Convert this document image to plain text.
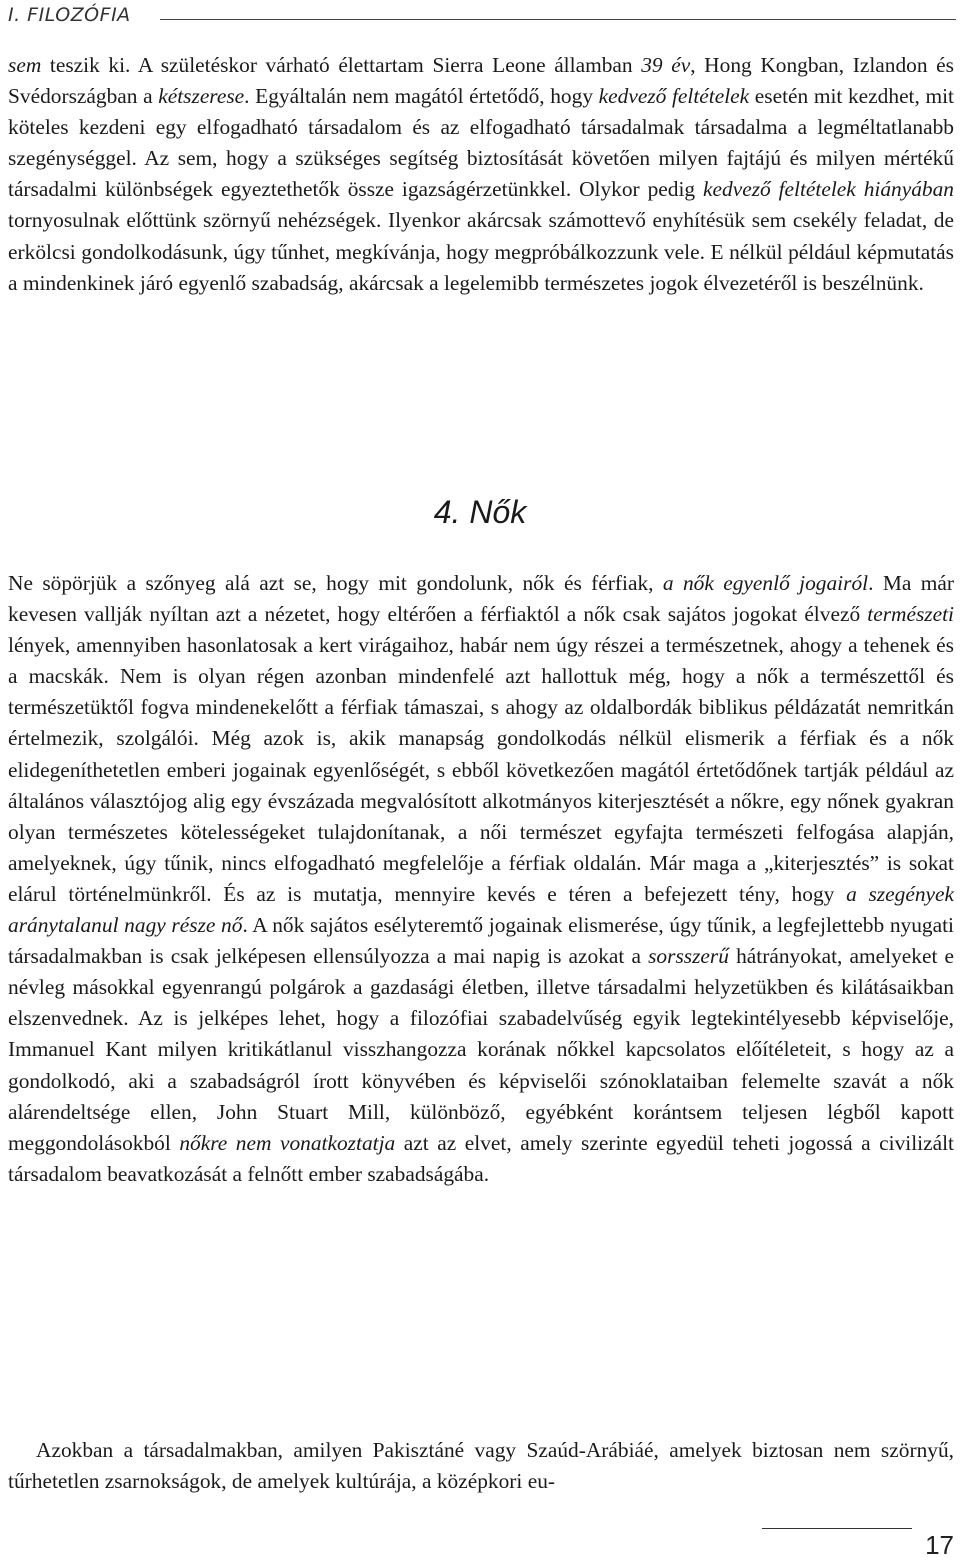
I. FILOZÓFIA

sem teszik ki. A születéskor várható élettartam Sierra Leone államban 39 év, Hong Kongban, Izlandon és Svédországban a kétszerese. Egyáltalán nem magától értetődő, hogy kedvező feltételek esetén mit kezdhet, mit köteles kezdeni egy elfogadható társadalom és az elfogadható társadalmak társadalma a legméltatlanabb szegénységgel. Az sem, hogy a szükséges segítség biztosítását követően milyen fajtájú és milyen mértékű társadalmi különbségek egyeztethetők össze igazságérzetünkkel. Olykor pedig kedvező feltételek hiányában tornyosulnak előttünk szörnyű nehézségek. Ilyenkor akárcsak számottevő enyhítésük sem csekély feladat, de erkölcsi gondolkodásunk, úgy tűnhet, megkívánja, hogy megpróbálkozzunk vele. E nélkül például képmutatás a mindenkinek járó egyenlő szabadság, akárcsak a legelemibb természetes jogok élvezetéről is beszélnünk.

4. Nők

Ne söpörjük a szőnyeg alá azt se, hogy mit gondolunk, nők és férfiak, a nők egyenlő jogairól. Ma már kevesen vallják nyíltan azt a nézetet, hogy eltérően a férfiaktól a nők csak sajátos jogokat élvező természeti lények, amennyiben hasonlatosak a kert virágaihoz, habár nem úgy részei a természetnek, ahogy a tehenek és a macskák. Nem is olyan régen azonban mindenfelé azt hallottuk még, hogy a nők a természettől és természetüktől fogva mindenekelőtt a férfiak támaszai, s ahogy az oldalbordák biblikus példázatát nemritkán értelmezik, szolgálói. Még azok is, akik manapság gondolkodás nélkül elismerik a férfiak és a nők elidegeníthetetlen emberi jogainak egyenlőségét, s ebből következően magától értetődőnek tartják például az általános választójog alig egy évszázada megvalósított alkotmányos kiterjesztését a nőkre, egy nőnek gyakran olyan természetes kötelességeket tulajdonítanak, a női természet egyfajta természeti felfogása alapján, amelyeknek, úgy tűnik, nincs elfogadható megfelelője a férfiak oldalán. Már maga a „kiterjesztés” is sokat elárul történelmünkről. És az is mutatja, mennyire kevés e téren a befejezett tény, hogy a szegények aránytalanul nagy része nő. A nők sajátos esélyteremtő jogainak elismerése, úgy tűnik, a legfejlettebb nyugati társadalmakban is csak jelképesen ellensúlyozza a mai napig is azokat a sorsszerű hátrányokat, amelyeket e névleg másokkal egyenrangú polgárok a gazdasági életben, illetve társadalmi helyzetükben és kilátásaikban elszenvednek. Az is jelképes lehet, hogy a filozófiai szabadelvűség egyik legtekintélyesebb képviselője, Immanuel Kant milyen kritikátlanul visszhangozza korának nőkkel kapcsolatos előítéleteit, s hogy az a gondolkodó, aki a szabadságról írott könyvében és képviselői szónoklataiban felemelte szavát a nők alárendeltsége ellen, John Stuart Mill, különböző, egyébként korántsem teljesen légből kapott meggondolásokból nőkre nem vonatkoztatja azt az elvet, amely szerinte egyedül teheti jogossá a civilizált társadalom beavatkozását a felnőtt ember szabadságába.

Azokban a társadalmakban, amilyen Pakisztáné vagy Szaúd-Arábiáé, amelyek biztosan nem szörnyű, tűrhetetlen zsarnokságok, de amelyek kultúrája, a középkori eu-

17
